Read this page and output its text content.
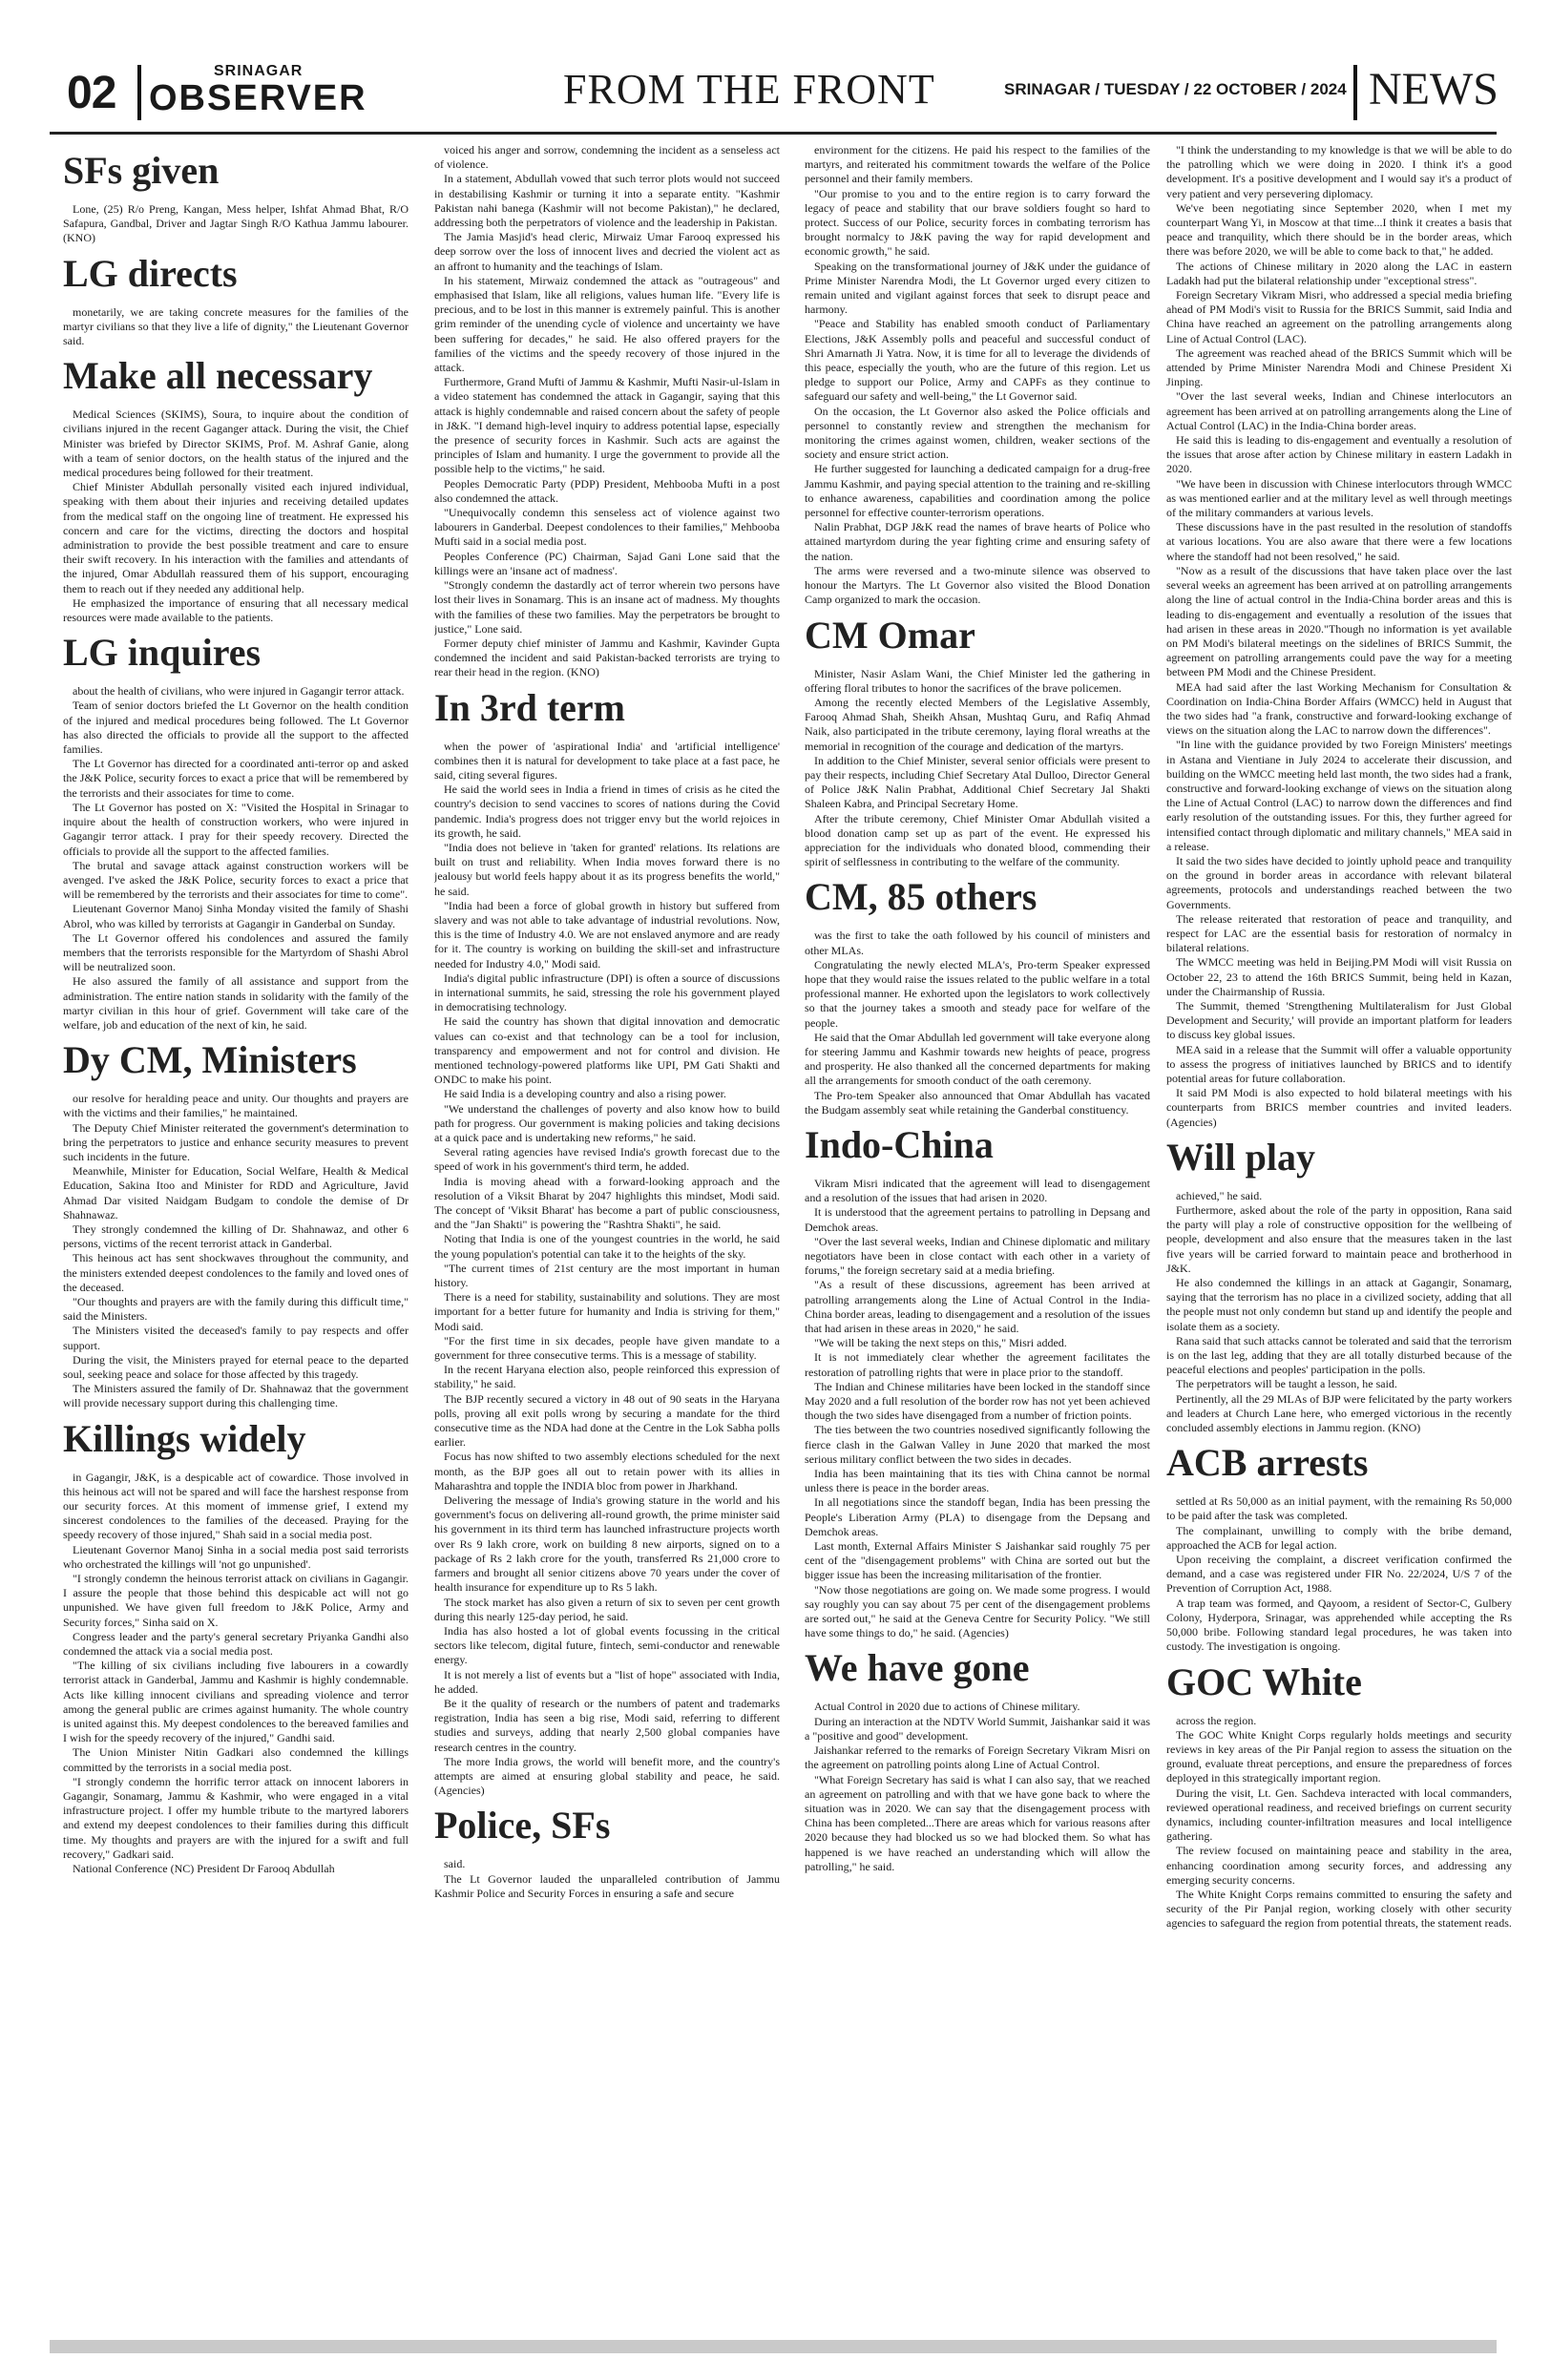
02	SRINAGAR
OBSERVER	FROM THE FRONT	SRINAGAR / TUESDAY / 22 OCTOBER / 2024 NEWS
SFs given

Lone, (25) R/o Preng, Kangan, Mess helper, Ishfat Ahmad Bhat, R/O Safapura, Gandbal, Driver and Jagtar Singh R/O Kathua Jammu labourer. (KNO)

LG directs

monetarily, we are taking concrete measures for the families of the martyr civilians so that they live a life of dignity," the Lieutenant Governor said.

Make all necessary

Medical Sciences (SKIMS), Soura, to inquire about the condition of civilians injured in the recent Gaganger attack. During the visit, the Chief Minister was briefed by Director SKIMS, Prof. M. Ashraf Ganie, along with a team of senior doctors, on the health status of the injured and the medical procedures being followed for their treatment.

Chief Minister Abdullah personally visited each injured individual, speaking with them about their injuries and receiving detailed updates from the medical staff on the ongoing line of treatment. He expressed his concern and care for the victims, directing the doctors and hospital administration to provide the best possible treatment and care to ensure their swift recovery. In his interaction with the families and attendants of the injured, Omar Abdullah reassured them of his support, encouraging them to reach out if they needed any additional help.

He emphasized the importance of ensuring that all necessary medical resources were made available to the patients.

LG inquires

about the health of civilians, who were injured in Gagangir terror attack.

Team of senior doctors briefed the Lt Governor on the health condition of the injured and medical procedures being followed. The Lt Governor has also directed the officials to provide all the support to the affected families.

The Lt Governor has directed for a coordinated anti-terror op and asked the J&K Police, security forces to exact a price that will be remembered by the terrorists and their associates for time to come.

The Lt Governor has posted on X: "Visited the Hospital in Srinagar to inquire about the health of construction workers, who were injured in Gagangir terror attack. I pray for their speedy recovery. Directed the officials to provide all the support to the affected families.

The brutal and savage attack against construction workers will be avenged. I've asked the J&K Police, security forces to exact a price that will be remembered by the terrorists and their associates for time to come".

Lieutenant Governor Manoj Sinha Monday visited the family of Shashi Abrol, who was killed by terrorists at Gagangir in Ganderbal on Sunday.

The Lt Governor offered his condolences and assured the family members that the terrorists responsible for the Martyrdom of Shashi Abrol will be neutralized soon.

He also assured the family of all assistance and support from the administration. The entire nation stands in solidarity with the family of the martyr civilian in this hour of grief. Government will take care of the welfare, job and education of the next of kin, he said.

Dy CM, Ministers

our resolve for heralding peace and unity. Our thoughts and prayers are with the victims and their families," he maintained.

The Deputy Chief Minister reiterated the government's determination to bring the perpetrators to justice and enhance security measures to prevent such incidents in the future.

Meanwhile, Minister for Education, Social Welfare, Health & Medical Education, Sakina Itoo and Minister for RDD and Agriculture, Javid Ahmad Dar visited Naidgam Budgam to condole the demise of Dr Shahnawaz.

They strongly condemned the killing of Dr. Shahnawaz, and other 6 persons, victims of the recent terrorist attack in Ganderbal.

This heinous act has sent shockwaves throughout the community, and the ministers extended deepest condolences to the family and loved ones of the deceased.

"Our thoughts and prayers are with the family during this difficult time," said the Ministers.

The Ministers visited the deceased's family to pay respects and offer support.

During the visit, the Ministers prayed for eternal peace to the departed soul, seeking peace and solace for those affected by this tragedy.

The Ministers assured the family of Dr. Shahnawaz that the government will provide necessary support during this challenging time.

Killings widely

in Gagangir, J&K, is a despicable act of cowardice. Those involved in this heinous act will not be spared and will face the harshest response from our security forces. At this moment of immense grief, I extend my sincerest condolences to the families of the deceased. Praying for the speedy recovery of those injured," Shah said in a social media post.

Lieutenant Governor Manoj Sinha in a social media post said terrorists who orchestrated the killings will 'not go unpunished'.

"I strongly condemn the heinous terrorist attack on civilians in Gagangir. I assure the people that those behind this despicable act will not go unpunished. We have given full freedom to J&K Police, Army and Security forces," Sinha said on X.

Congress leader and the party's general secretary Priyanka Gandhi also condemned the attack via a social media post.

"The killing of six civilians including five labourers in a cowardly terrorist attack in Ganderbal, Jammu and Kashmir is highly condemnable. Acts like killing innocent civilians and spreading violence and terror among the general public are crimes against humanity. The whole country is united against this. My deepest condolences to the bereaved families and I wish for the speedy recovery of the injured," Gandhi said.

The Union Minister Nitin Gadkari also condemned the killings committed by the terrorists in a social media post.

"I strongly condemn the horrific terror attack on innocent laborers in Gagangir, Sonamarg, Jammu & Kashmir, who were engaged in a vital infrastructure project. I offer my humble tribute to the martyred laborers and extend my deepest condolences to their families during this difficult time. My thoughts and prayers are with the injured for a swift and full recovery," Gadkari said.

National Conference (NC) President Dr Farooq Abdullah

voiced his anger and sorrow, condemning the incident as a senseless act of violence.

In a statement, Abdullah vowed that such terror plots would not succeed in destabilising Kashmir or turning it into a separate entity. "Kashmir Pakistan nahi banega (Kashmir will not become Pakistan)," he declared, addressing both the perpetrators of violence and the leadership in Pakistan.

The Jamia Masjid's head cleric, Mirwaiz Umar Farooq expressed his deep sorrow over the loss of innocent lives and decried the violent act as an affront to humanity and the teachings of Islam.

In his statement, Mirwaiz condemned the attack as "outrageous" and emphasised that Islam, like all religions, values human life. "Every life is precious, and to be lost in this manner is extremely painful. This is another grim reminder of the unending cycle of violence and uncertainty we have been suffering for decades," he said. He also offered prayers for the families of the victims and the speedy recovery of those injured in the attack.

Furthermore, Grand Mufti of Jammu & Kashmir, Mufti Nasir-ul-Islam in a video statement has condemned the attack in Gagangir, saying that this attack is highly condemnable and raised concern about the safety of people in J&K. "I demand high-level inquiry to address potential lapse, especially the presence of security forces in Kashmir. Such acts are against the principles of Islam and humanity. I urge the government to provide all the possible help to the victims," he said.

Peoples Democratic Party (PDP) President, Mehbooba Mufti in a post also condemned the attack.

"Unequivocally condemn this senseless act of violence against two labourers in Ganderbal. Deepest condolences to their families," Mehbooba Mufti said in a social media post.

Peoples Conference (PC) Chairman, Sajad Gani Lone said that the killings were an 'insane act of madness'.

"Strongly condemn the dastardly act of terror wherein two persons have lost their lives in Sonamarg. This is an insane act of madness. My thoughts with the families of these two families. May the perpetrators be brought to justice," Lone said.

Former deputy chief minister of Jammu and Kashmir, Kavinder Gupta condemned the incident and said Pakistan-backed terrorists are trying to rear their head in the region. (KNO)

In 3rd term

when the power of 'aspirational India' and 'artificial intelligence' combines then it is natural for development to take place at a fast pace, he said, citing several figures.

He said the world sees in India a friend in times of crisis as he cited the country's decision to send vaccines to scores of nations during the Covid pandemic. India's progress does not trigger envy but the world rejoices in its growth, he said.

"India does not believe in 'taken for granted' relations. Its relations are built on trust and reliability. When India moves forward there is no jealousy but world feels happy about it as its progress benefits the world," he said.

"India had been a force of global growth in history but suffered from slavery and was not able to take advantage of industrial revolutions. Now, this is the time of Industry 4.0. We are not enslaved anymore and are ready for it. The country is working on building the skill-set and infrastructure needed for Industry 4.0," Modi said.

India's digital public infrastructure (DPI) is often a source of discussions in international summits, he said, stressing the role his government played in democratising technology.

He said the country has shown that digital innovation and democratic values can co-exist and that technology can be a tool for inclusion, transparency and empowerment and not for control and division. He mentioned technology-powered platforms like UPI, PM Gati Shakti and ONDC to make his point.

He said India is a developing country and also a rising power.

"We understand the challenges of poverty and also know how to build path for progress. Our government is making policies and taking decisions at a quick pace and is undertaking new reforms," he said.

Several rating agencies have revised India's growth forecast due to the speed of work in his government's third term, he added.

India is moving ahead with a forward-looking approach and the resolution of a Viksit Bharat by 2047 highlights this mindset, Modi said. The concept of 'Viksit Bharat' has become a part of public consciousness, and the "Jan Shakti" is powering the "Rashtra Shakti", he said.

Noting that India is one of the youngest countries in the world, he said the young population's potential can take it to the heights of the sky.

"The current times of 21st century are the most important in human history.

There is a need for stability, sustainability and solutions. They are most important for a better future for humanity and India is striving for them," Modi said.

"For the first time in six decades, people have given mandate to a government for three consecutive terms. This is a message of stability.

In the recent Haryana election also, people reinforced this expression of stability," he said.

The BJP recently secured a victory in 48 out of 90 seats in the Haryana polls, proving all exit polls wrong by securing a mandate for the third consecutive time as the NDA had done at the Centre in the Lok Sabha polls earlier.

Focus has now shifted to two assembly elections scheduled for the next month, as the BJP goes all out to retain power with its allies in Maharashtra and topple the INDIA bloc from power in Jharkhand.

Delivering the message of India's growing stature in the world and his government's focus on delivering all-round growth, the prime minister said his government in its third term has launched infrastructure projects worth over Rs 9 lakh crore, work on building 8 new airports, signed on to a package of Rs 2 lakh crore for the youth, transferred Rs 21,000 crore to farmers and brought all senior citizens above 70 years under the cover of health insurance for expenditure up to Rs 5 lakh.

The stock market has also given a return of six to seven per cent growth during this nearly 125-day period, he said.

India has also hosted a lot of global events focussing in the critical sectors like telecom, digital future, fintech, semi-conductor and renewable energy.

It is not merely a list of events but a "list of hope" associated with India, he added.

Be it the quality of research or the numbers of patent and trademarks registration, India has seen a big rise, Modi said, referring to different studies and surveys, adding that nearly 2,500 global companies have research centres in the country.

The more India grows, the world will benefit more, and the country's attempts are aimed at ensuring global stability and peace, he said. (Agencies)

Police, SFs

said.

The Lt Governor lauded the unparalleled contribution of Jammu Kashmir Police and Security Forces in ensuring a safe and secure

environment for the citizens. He paid his respect to the families of the martyrs, and reiterated his commitment towards the welfare of the Police personnel and their family members.

"Our promise to you and to the entire region is to carry forward the legacy of peace and stability that our brave soldiers fought so hard to protect. Success of our Police, security forces in combating terrorism has brought normalcy to J&K paving the way for rapid development and economic growth," he said.

Speaking on the transformational journey of J&K under the guidance of Prime Minister Narendra Modi, the Lt Governor urged every citizen to remain united and vigilant against forces that seek to disrupt peace and harmony.

"Peace and Stability has enabled smooth conduct of Parliamentary Elections, J&K Assembly polls and peaceful and successful conduct of Shri Amarnath Ji Yatra. Now, it is time for all to leverage the dividends of this peace, especially the youth, who are the future of this region. Let us pledge to support our Police, Army and CAPFs as they continue to safeguard our safety and well-being," the Lt Governor said.

On the occasion, the Lt Governor also asked the Police officials and personnel to constantly review and strengthen the mechanism for monitoring the crimes against women, children, weaker sections of the society and ensure strict action.

He further suggested for launching a dedicated campaign for a drug-free Jammu Kashmir, and paying special attention to the training and re-skilling to enhance awareness, capabilities and coordination among the police personnel for effective counter-terrorism operations.

Nalin Prabhat, DGP J&K read the names of brave hearts of Police who attained martyrdom during the year fighting crime and ensuring safety of the nation.

The arms were reversed and a two-minute silence was observed to honour the Martyrs. The Lt Governor also visited the Blood Donation Camp organized to mark the occasion.

CM Omar

Minister, Nasir Aslam Wani, the Chief Minister led the gathering in offering floral tributes to honor the sacrifices of the brave policemen.

Among the recently elected Members of the Legislative Assembly, Farooq Ahmad Shah, Sheikh Ahsan, Mushtaq Guru, and Rafiq Ahmad Naik, also participated in the tribute ceremony, laying floral wreaths at the memorial in recognition of the courage and dedication of the martyrs.

In addition to the Chief Minister, several senior officials were present to pay their respects, including Chief Secretary Atal Dulloo, Director General of Police J&K Nalin Prabhat, Additional Chief Secretary Jal Shakti Shaleen Kabra, and Principal Secretary Home.

After the tribute ceremony, Chief Minister Omar Abdullah visited a blood donation camp set up as part of the event. He expressed his appreciation for the individuals who donated blood, commending their spirit of selflessness in contributing to the welfare of the community.

CM, 85 others

was the first to take the oath followed by his council of ministers and other MLAs.

Congratulating the newly elected MLA's, Pro-term Speaker expressed hope that they would raise the issues related to the public welfare in a total professional manner. He exhorted upon the legislators to work collectively so that the journey takes a smooth and steady pace for welfare of the people.

He said that the Omar Abdullah led government will take everyone along for steering Jammu and Kashmir towards new heights of peace, progress and prosperity. He also thanked all the concerned departments for making all the arrangements for smooth conduct of the oath ceremony.

The Pro-tem Speaker also announced that Omar Abdullah has vacated the Budgam assembly seat while retaining the Ganderbal constituency.

Indo-China

Vikram Misri indicated that the agreement will lead to disengagement and a resolution of the issues that had arisen in 2020.

It is understood that the agreement pertains to patrolling in Depsang and Demchok areas.

"Over the last several weeks, Indian and Chinese diplomatic and military negotiators have been in close contact with each other in a variety of forums," the foreign secretary said at a media briefing.

"As a result of these discussions, agreement has been arrived at patrolling arrangements along the Line of Actual Control in the India-China border areas, leading to disengagement and a resolution of the issues that had arisen in these areas in 2020," he said.

"We will be taking the next steps on this," Misri added.

It is not immediately clear whether the agreement facilitates the restoration of patrolling rights that were in place prior to the standoff.

The Indian and Chinese militaries have been locked in the standoff since May 2020 and a full resolution of the border row has not yet been achieved though the two sides have disengaged from a number of friction points.

The ties between the two countries nosedived significantly following the fierce clash in the Galwan Valley in June 2020 that marked the most serious military conflict between the two sides in decades.

India has been maintaining that its ties with China cannot be normal unless there is peace in the border areas.

In all negotiations since the standoff began, India has been pressing the People's Liberation Army (PLA) to disengage from the Depsang and Demchok areas.

Last month, External Affairs Minister S Jaishankar said roughly 75 per cent of the "disengagement problems" with China are sorted out but the bigger issue has been the increasing militarisation of the frontier.

"Now those negotiations are going on. We made some progress. I would say roughly you can say about 75 per cent of the disengagement problems are sorted out," he said at the Geneva Centre for Security Policy. "We still have some things to do," he said. (Agencies)

We have gone

Actual Control in 2020 due to actions of Chinese military.

During an interaction at the NDTV World Summit, Jaishankar said it was a "positive and good" development.

Jaishankar referred to the remarks of Foreign Secretary Vikram Misri on the agreement on patrolling points along Line of Actual Control.

"What Foreign Secretary has said is what I can also say, that we reached an agreement on patrolling and with that we have gone back to where the situation was in 2020. We can say that the disengagement process with China has been completed...There are areas which for various reasons after 2020 because they had blocked us so we had blocked them. So what has happened is we have reached an understanding which will allow the patrolling," he said.

"I think the understanding to my knowledge is that we will be able to do the patrolling which we were doing in 2020. I think it's a good development. It's a positive development and I would say it's a product of very patient and very persevering diplomacy.

We've been negotiating since September 2020, when I met my counterpart Wang Yi, in Moscow at that time...I think it creates a basis that peace and tranquility, which there should be in the border areas, which there was before 2020, we will be able to come back to that," he added.

The actions of Chinese military in 2020 along the LAC in eastern Ladakh had put the bilateral relationship under "exceptional stress".

Foreign Secretary Vikram Misri, who addressed a special media briefing ahead of PM Modi's visit to Russia for the BRICS Summit, said India and China have reached an agreement on the patrolling arrangements along Line of Actual Control (LAC).

The agreement was reached ahead of the BRICS Summit which will be attended by Prime Minister Narendra Modi and Chinese President Xi Jinping.

"Over the last several weeks, Indian and Chinese interlocutors an agreement has been arrived at on patrolling arrangements along the Line of Actual Control (LAC) in the India-China border areas.

He said this is leading to dis-engagement and eventually a resolution of the issues that arose after action by Chinese military in eastern Ladakh in 2020.

"We have been in discussion with Chinese interlocutors through WMCC as was mentioned earlier and at the military level as well through meetings of the military commanders at various levels.

These discussions have in the past resulted in the resolution of standoffs at various locations. You are also aware that there were a few locations where the standoff had not been resolved," he said.

"Now as a result of the discussions that have taken place over the last several weeks an agreement has been arrived at on patrolling arrangements along the line of actual control in the India-China border areas and this is leading to dis-engagement and eventually a resolution of the issues that had arisen in these areas in 2020."Though no information is yet available on PM Modi's bilateral meetings on the sidelines of BRICS Summit, the agreement on patrolling arrangements could pave the way for a meeting between PM Modi and the Chinese President.

MEA had said after the last Working Mechanism for Consultation & Coordination on India-China Border Affairs (WMCC) held in August that the two sides had "a frank, constructive and forward-looking exchange of views on the situation along the LAC to narrow down the differences".

"In line with the guidance provided by two Foreign Ministers' meetings in Astana and Vientiane in July 2024 to accelerate their discussion, and building on the WMCC meeting held last month, the two sides had a frank, constructive and forward-looking exchange of views on the situation along the Line of Actual Control (LAC) to narrow down the differences and find early resolution of the outstanding issues. For this, they further agreed for intensified contact through diplomatic and military channels," MEA said in a release.

It said the two sides have decided to jointly uphold peace and tranquility on the ground in border areas in accordance with relevant bilateral agreements, protocols and understandings reached between the two Governments.

The release reiterated that restoration of peace and tranquility, and respect for LAC are the essential basis for restoration of normalcy in bilateral relations.

The WMCC meeting was held in Beijing.PM Modi will visit Russia on October 22, 23 to attend the 16th BRICS Summit, being held in Kazan, under the Chairmanship of Russia.

The Summit, themed 'Strengthening Multilateralism for Just Global Development and Security,' will provide an important platform for leaders to discuss key global issues.

MEA said in a release that the Summit will offer a valuable opportunity to assess the progress of initiatives launched by BRICS and to identify potential areas for future collaboration.

It said PM Modi is also expected to hold bilateral meetings with his counterparts from BRICS member countries and invited leaders. (Agencies)

Will play

achieved," he said.

Furthermore, asked about the role of the party in opposition, Rana said the party will play a role of constructive opposition for the wellbeing of people, development and also ensure that the measures taken in the last five years will be carried forward to maintain peace and brotherhood in J&K.

He also condemned the killings in an attack at Gagangir, Sonamarg, saying that the terrorism has no place in a civilized society, adding that all the people must not only condemn but stand up and identify the people and isolate them as a society.

Rana said that such attacks cannot be tolerated and said that the terrorism is on the last leg, adding that they are all totally disturbed because of the peaceful elections and peoples' participation in the polls.

The perpetrators will be taught a lesson, he said.

Pertinently, all the 29 MLAs of BJP were felicitated by the party workers and leaders at Church Lane here, who emerged victorious in the recently concluded assembly elections in Jammu region. (KNO)

ACB arrests

settled at Rs 50,000 as an initial payment, with the remaining Rs 50,000 to be paid after the task was completed.

The complainant, unwilling to comply with the bribe demand, approached the ACB for legal action.

Upon receiving the complaint, a discreet verification confirmed the demand, and a case was registered under FIR No. 22/2024, U/S 7 of the Prevention of Corruption Act, 1988.

A trap team was formed, and Qayoom, a resident of Sector-C, Gulbery Colony, Hyderpora, Srinagar, was apprehended while accepting the Rs 50,000 bribe. Following standard legal procedures, he was taken into custody. The investigation is ongoing.

GOC White

across the region.

The GOC White Knight Corps regularly holds meetings and security reviews in key areas of the Pir Panjal region to assess the situation on the ground, evaluate threat perceptions, and ensure the preparedness of forces deployed in this strategically important region.

During the visit, Lt. Gen. Sachdeva interacted with local commanders, reviewed operational readiness, and received briefings on current security dynamics, including counter-infiltration measures and local intelligence gathering.

The review focused on maintaining peace and stability in the area, enhancing coordination among security forces, and addressing any emerging security concerns.

The White Knight Corps remains committed to ensuring the safety and security of the Pir Panjal region, working closely with other security agencies to safeguard the region from potential threats, the statement reads.
